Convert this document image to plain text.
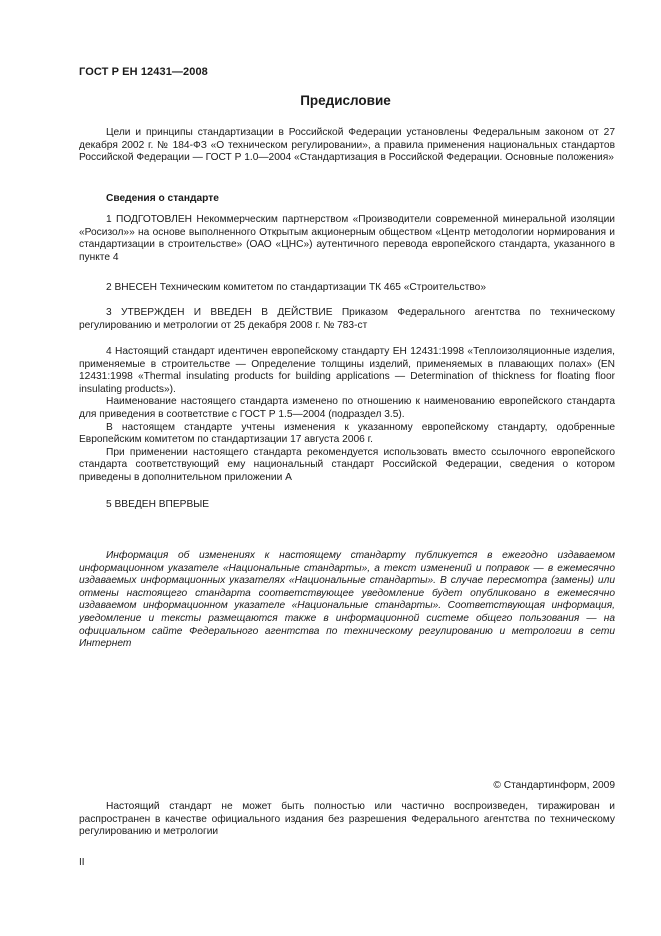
ГОСТ Р ЕН 12431—2008
Предисловие

Цели и принципы стандартизации в Российской Федерации установлены Федеральным законом от 27 декабря 2002 г. № 184-ФЗ «О техническом регулировании», а правила применения национальных стандартов Российской Федерации — ГОСТ Р 1.0—2004 «Стандартизация в Российской Федерации. Основные положения»

Сведения о стандарте

1 ПОДГОТОВЛЕН Некоммерческим партнерством «Производители современной минеральной изоляции «Росизол»» на основе выполненного Открытым акционерным обществом «Центр методологии нормирования и стандартизации в строительстве» (ОАО «ЦНС») аутентичного перевода европейского стандарта, указанного в пункте 4

2 ВНЕСЕН Техническим комитетом по стандартизации ТК 465 «Строительство»

3 УТВЕРЖДЕН И ВВЕДЕН В ДЕЙСТВИЕ Приказом Федерального агентства по техническому регулированию и метрологии от 25 декабря 2008 г. № 783-ст

4 Настоящий стандарт идентичен европейскому стандарту ЕН 12431:1998 «Теплоизоляционные изделия, применяемые в строительстве — Определение толщины изделий, применяемых в плавающих полах» (EN 12431:1998 «Thermal insulating products for building applications — Determination of thickness for floating floor insulating products»).

Наименование настоящего стандарта изменено по отношению к наименованию европейского стандарта для приведения в соответствие с ГОСТ Р 1.5—2004 (подраздел 3.5).

В настоящем стандарте учтены изменения к указанному европейскому стандарту, одобренные Европейским комитетом по стандартизации 17 августа 2006 г.

При применении настоящего стандарта рекомендуется использовать вместо ссылочного европейского стандарта соответствующий ему национальный стандарт Российской Федерации, сведения о котором приведены в дополнительном приложении А

5 ВВЕДЕН ВПЕРВЫЕ

Информация об изменениях к настоящему стандарту публикуется в ежегодно издаваемом информационном указателе «Национальные стандарты», а текст изменений и поправок — в ежемесячно издаваемых информационных указателях «Национальные стандарты». В случае пересмотра (замены) или отмены настоящего стандарта соответствующее уведомление будет опубликовано в ежемесячно издаваемом информационном указателе «Национальные стандарты». Соответствующая информация, уведомление и тексты размещаются также в информационной системе общего пользования — на официальном сайте Федерального агентства по техническому регулированию и метрологии в сети Интернет

© Стандартинформ, 2009

Настоящий стандарт не может быть полностью или частично воспроизведен, тиражирован и распространен в качестве официального издания без разрешения Федерального агентства по техническому регулированию и метрологии

II
